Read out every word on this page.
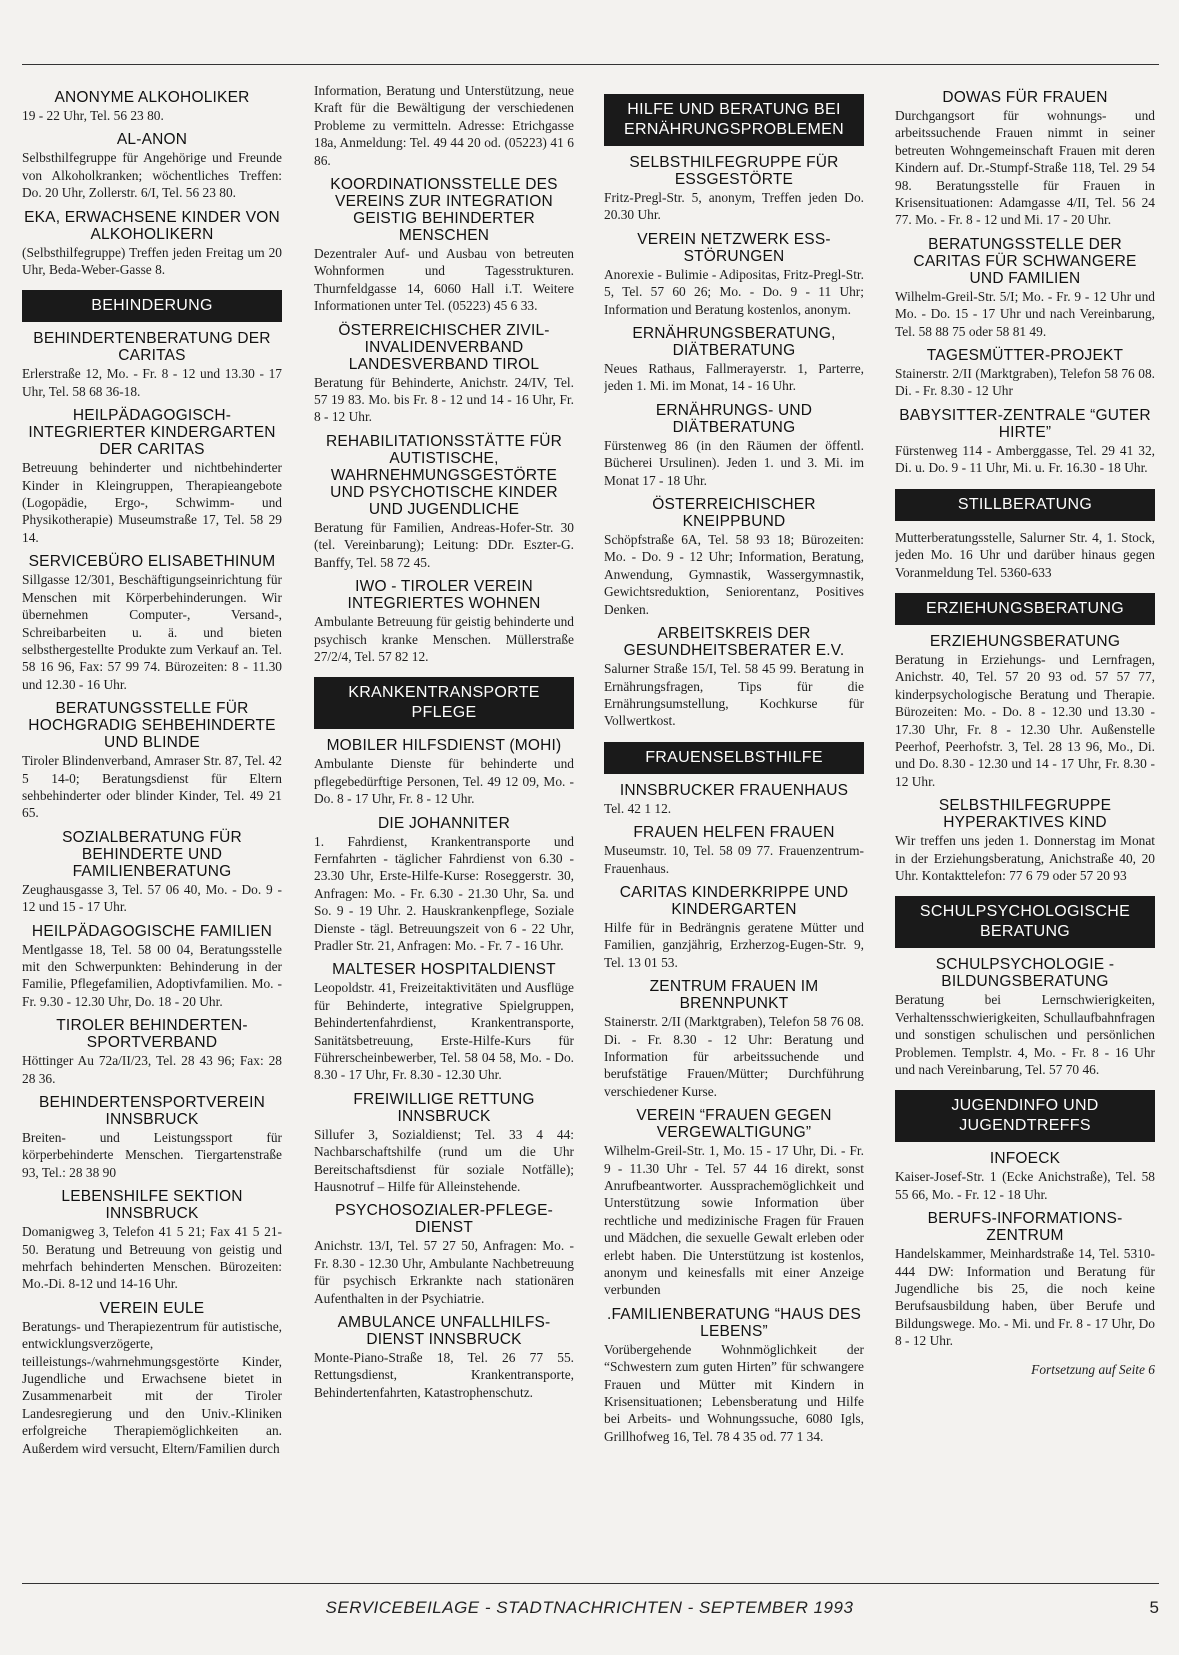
ANONYME ALKOHOLIKER

19 - 22 Uhr, Tel. 56 23 80.

AL-ANON

Selbsthilfegruppe für Angehörige und Freunde von Alkoholkranken; wöchentliches Treffen: Do. 20 Uhr, Zollerstr. 6/I, Tel. 56 23 80.

EKA, ERWACHSENE KINDER VON ALKOHOLIKERN

(Selbsthilfegruppe) Treffen jeden Freitag um 20 Uhr, Beda-Weber-Gasse 8.

BEHINDERUNG
BEHINDERTENBERATUNG DER CARITAS

Erlerstraße 12, Mo. - Fr. 8 - 12 und 13.30 - 17 Uhr, Tel. 58 68 36-18.

HEILPÄDAGOGISCH-INTEGRIERTER KINDERGARTEN DER CARITAS

Betreuung behinderter und nichtbehinderter Kinder in Kleingruppen, Therapieangebote (Logopädie, Ergo-, Schwimm- und Physikotherapie) Museumstraße 17, Tel. 58 29 14.

SERVICEBÜRO ELISABETHINUM

Sillgasse 12/301, Beschäftigungseinrichtung für Menschen mit Körperbehinderungen. Wir übernehmen Computer-, Versand-, Schreibarbeiten u. ä. und bieten selbsthergestellte Produkte zum Verkauf an. Tel. 58 16 96, Fax: 57 99 74. Bürozeiten: 8 - 11.30 und 12.30 - 16 Uhr.

BERATUNGSSTELLE FÜR HOCHGRADIG SEHBEHINDERTE UND BLINDE

Tiroler Blindenverband, Amraser Str. 87, Tel. 42 5 14-0; Beratungsdienst für Eltern sehbehinderter oder blinder Kinder, Tel. 49 21 65.

SOZIALBERATUNG FÜR BEHINDERTE UND FAMILIENBERATUNG

Zeughausgasse 3, Tel. 57 06 40, Mo. - Do. 9 - 12 und 15 - 17 Uhr.

HEILPÄDAGOGISCHE FAMILIEN

Mentlgasse 18, Tel. 58 00 04, Beratungsstelle mit den Schwerpunkten: Behinderung in der Familie, Pflegefamilien, Adoptivfamilien. Mo. - Fr. 9.30 - 12.30 Uhr, Do. 18 - 20 Uhr.

TIROLER BEHINDERTEN-SPORTVERBAND

Höttinger Au 72a/II/23, Tel. 28 43 96; Fax: 28 28 36.

BEHINDERTENSPORTVEREIN INNSBRUCK

Breiten- und Leistungssport für körperbehinderte Menschen. Tiergartenstraße 93, Tel.: 28 38 90

LEBENSHILFE SEKTION INNSBRUCK

Domanigweg 3, Telefon 41 5 21; Fax 41 5 21-50. Beratung und Betreuung von geistig und mehrfach behinderten Menschen. Bürozeiten: Mo.-Di. 8-12 und 14-16 Uhr.

VEREIN EULE

Beratungs- und Therapiezentrum für autistische, entwicklungsverzögerte, teilleistungs-/wahrnehmungsgestörte Kinder, Jugendliche und Erwachsene bietet in Zusammenarbeit mit der Tiroler Landesregierung und den Univ.-Kliniken erfolgreiche Therapiemöglichkeiten an. Außerdem wird versucht, Eltern/Familien durch

Information, Beratung und Unterstützung, neue Kraft für die Bewältigung der verschiedenen Probleme zu vermitteln. Adresse: Etrichgasse 18a, Anmeldung: Tel. 49 44 20 od. (05223) 41 6 86.

KOORDINATIONSSTELLE DES VEREINS ZUR INTEGRATION GEISTIG BEHINDERTER MENSCHEN

Dezentraler Auf- und Ausbau von betreuten Wohnformen und Tagesstrukturen. Thurnfeldgasse 14, 6060 Hall i.T. Weitere Informationen unter Tel. (05223) 45 6 33.

ÖSTERREICHISCHER ZIVIL-INVALIDENVERBAND LANDESVERBAND TIROL

Beratung für Behinderte, Anichstr. 24/IV, Tel. 57 19 83. Mo. bis Fr. 8 - 12 und 14 - 16 Uhr, Fr. 8 - 12 Uhr.

REHABILITATIONSSTÄTTE FÜR AUTISTISCHE, WAHRNEHMUNGSGESTÖRTE UND PSYCHOTISCHE KINDER UND JUGENDLICHE

Beratung für Familien, Andreas-Hofer-Str. 30 (tel. Vereinbarung); Leitung: DDr. Eszter-G. Banffy, Tel. 58 72 45.

IWO - TIROLER VEREIN INTEGRIERTES WOHNEN

Ambulante Betreuung für geistig behinderte und psychisch kranke Menschen. Müllerstraße 27/2/4, Tel. 57 82 12.

KRANKENTRANSPORTE PFLEGE
MOBILER HILFSDIENST (MOHI)

Ambulante Dienste für behinderte und pflegebedürftige Personen, Tel. 49 12 09, Mo. - Do. 8 - 17 Uhr, Fr. 8 - 12 Uhr.

DIE JOHANNITER

1. Fahrdienst, Krankentransporte und Fernfahrten - täglicher Fahrdienst von 6.30 - 23.30 Uhr, Erste-Hilfe-Kurse: Roseggerstr. 30, Anfragen: Mo. - Fr. 6.30 - 21.30 Uhr, Sa. und So. 9 - 19 Uhr. 2. Hauskrankenpflege, Soziale Dienste - tägl. Betreuungszeit von 6 - 22 Uhr, Pradler Str. 21, Anfragen: Mo. - Fr. 7 - 16 Uhr.

MALTESER HOSPITALDIENST

Leopoldstr. 41, Freizeitaktivitäten und Ausflüge für Behinderte, integrative Spielgruppen, Behindertenfahrdienst, Krankentransporte, Sanitätsbetreuung, Erste-Hilfe-Kurs für Führerscheinbewerber, Tel. 58 04 58, Mo. - Do. 8.30 - 17 Uhr, Fr. 8.30 - 12.30 Uhr.

FREIWILLIGE RETTUNG INNSBRUCK

Sillufer 3, Sozialdienst; Tel. 33 4 44: Nachbarschaftshilfe (rund um die Uhr Bereitschaftsdienst für soziale Notfälle); Hausnotruf – Hilfe für Alleinstehende.

PSYCHOSOZIALER-PFLEGE-DIENST

Anichstr. 13/I, Tel. 57 27 50, Anfragen: Mo. - Fr. 8.30 - 12.30 Uhr, Ambulante Nachbetreuung für psychisch Erkrankte nach stationären Aufenthalten in der Psychiatrie.

AMBULANCE UNFALLHILFS-DIENST INNSBRUCK

Monte-Piano-Straße 18, Tel. 26 77 55. Rettungsdienst, Krankentransporte, Behindertenfahrten, Katastrophenschutz.

HILFE UND BERATUNG BEI ERNÄHRUNGSPROBLEMEN
SELBSTHILFEGRUPPE FÜR ESSGESTÖRTE

Fritz-Pregl-Str. 5, anonym, Treffen jeden Do. 20.30 Uhr.

VEREIN NETZWERK ESS-STÖRUNGEN

Anorexie - Bulimie - Adipositas, Fritz-Pregl-Str. 5, Tel. 57 60 26; Mo. - Do. 9 - 11 Uhr; Information und Beratung kostenlos, anonym.

ERNÄHRUNGSBERATUNG, DIÄTBERATUNG

Neues Rathaus, Fallmerayerstr. 1, Parterre, jeden 1. Mi. im Monat, 14 - 16 Uhr.

ERNÄHRUNGS- UND DIÄTBERATUNG

Fürstenweg 86 (in den Räumen der öffentl. Bücherei Ursulinen). Jeden 1. und 3. Mi. im Monat 17 - 18 Uhr.

ÖSTERREICHISCHER KNEIPPBUND

Schöpfstraße 6A, Tel. 58 93 18; Bürozeiten: Mo. - Do. 9 - 12 Uhr; Information, Beratung, Anwendung, Gymnastik, Wassergymnastik, Gewichtsreduktion, Seniorentanz, Positives Denken.

ARBEITSKREIS DER GESUNDHEITSBERATER E.V.

Salurner Straße 15/I, Tel. 58 45 99. Beratung in Ernährungsfragen, Tips für die Ernährungsumstellung, Kochkurse für Vollwertkost.

FRAUENSELBSTHILFE
INNSBRUCKER FRAUENHAUS

Tel. 42 1 12.

FRAUEN HELFEN FRAUEN

Museumstr. 10, Tel. 58 09 77. Frauenzentrum-Frauenhaus.

CARITAS KINDERKRIPPE UND KINDERGARTEN

Hilfe für in Bedrängnis geratene Mütter und Familien, ganzjährig, Erzherzog-Eugen-Str. 9, Tel. 13 01 53.

ZENTRUM FRAUEN IM BRENNPUNKT

Stainerstr. 2/II (Marktgraben), Telefon 58 76 08. Di. - Fr. 8.30 - 12 Uhr: Beratung und Information für arbeitssuchende und berufstätige Frauen/Mütter; Durchführung verschiedener Kurse.

VEREIN “FRAUEN GEGEN VERGEWALTIGUNG”

Wilhelm-Greil-Str. 1, Mo. 15 - 17 Uhr, Di. - Fr. 9 - 11.30 Uhr - Tel. 57 44 16 direkt, sonst Anrufbeantworter. Aussprachemöglichkeit und Unterstützung sowie Information über rechtliche und medizinische Fragen für Frauen und Mädchen, die sexuelle Gewalt erleben oder erlebt haben. Die Unterstützung ist kostenlos, anonym und keinesfalls mit einer Anzeige verbunden

.FAMILIENBERATUNG “HAUS DES LEBENS”

Vorübergehende Wohnmöglichkeit der “Schwestern zum guten Hirten” für schwangere Frauen und Mütter mit Kindern in Krisensituationen; Lebensberatung und Hilfe bei Arbeits- und Wohnungssuche, 6080 Igls, Grillhofweg 16, Tel. 78 4 35 od. 77 1 34.

DOWAS FÜR FRAUEN

Durchgangsort für wohnungs- und arbeitssuchende Frauen nimmt in seiner betreuten Wohngemeinschaft Frauen mit deren Kindern auf. Dr.-Stumpf-Straße 118, Tel. 29 54 98. Beratungsstelle für Frauen in Krisensituationen: Adamgasse 4/II, Tel. 56 24 77. Mo. - Fr. 8 - 12 und Mi. 17 - 20 Uhr.

BERATUNGSSTELLE DER CARITAS FÜR SCHWANGERE UND FAMILIEN

Wilhelm-Greil-Str. 5/I; Mo. - Fr. 9 - 12 Uhr und Mo. - Do. 15 - 17 Uhr und nach Vereinbarung, Tel. 58 88 75 oder 58 81 49.

TAGESMÜTTER-PROJEKT

Stainerstr. 2/II (Marktgraben), Telefon 58 76 08. Di. - Fr. 8.30 - 12 Uhr

BABYSITTER-ZENTRALE “GUTER HIRTE”

Fürstenweg 114 - Amberggasse, Tel. 29 41 32, Di. u. Do. 9 - 11 Uhr, Mi. u. Fr. 16.30 - 18 Uhr.

STILLBERATUNG

Mutterberatungsstelle, Salurner Str. 4, 1. Stock, jeden Mo. 16 Uhr und darüber hinaus gegen Voranmeldung Tel. 5360-633

ERZIEHUNGSBERATUNG
ERZIEHUNGSBERATUNG

Beratung in Erziehungs- und Lernfragen, Anichstr. 40, Tel. 57 20 93 od. 57 57 77, kinderpsychologische Beratung und Therapie. Bürozeiten: Mo. - Do. 8 - 12.30 und 13.30 - 17.30 Uhr, Fr. 8 - 12.30 Uhr. Außenstelle Peerhof, Peerhofstr. 3, Tel. 28 13 96, Mo., Di. und Do. 8.30 - 12.30 und 14 - 17 Uhr, Fr. 8.30 - 12 Uhr.

SELBSTHILFEGRUPPE HYPERAKTIVES KIND

Wir treffen uns jeden 1. Donnerstag im Monat in der Erziehungsberatung, Anichstraße 40, 20 Uhr. Kontakttelefon: 77 6 79 oder 57 20 93

SCHULPSYCHOLOGISCHE BERATUNG
SCHULPSYCHOLOGIE - BILDUNGSBERATUNG

Beratung bei Lernschwierigkeiten, Verhaltensschwierigkeiten, Schullaufbahnfragen und sonstigen schulischen und persönlichen Problemen. Templstr. 4, Mo. - Fr. 8 - 16 Uhr und nach Vereinbarung, Tel. 57 70 46.

JUGENDINFO UND JUGENDTREFFS
INFOECK

Kaiser-Josef-Str. 1 (Ecke Anichstraße), Tel. 58 55 66, Mo. - Fr. 12 - 18 Uhr.

BERUFS-INFORMATIONS-ZENTRUM

Handelskammer, Meinhardstraße 14, Tel. 5310-444 DW: Information und Beratung für Jugendliche bis 25, die noch keine Berufsausbildung haben, über Berufe und Bildungswege. Mo. - Mi. und Fr. 8 - 17 Uhr, Do 8 - 12 Uhr.

Fortsetzung auf Seite 6
SERVICEBEILAGE - STADTNACHRICHTEN - SEPTEMBER 1993	5
